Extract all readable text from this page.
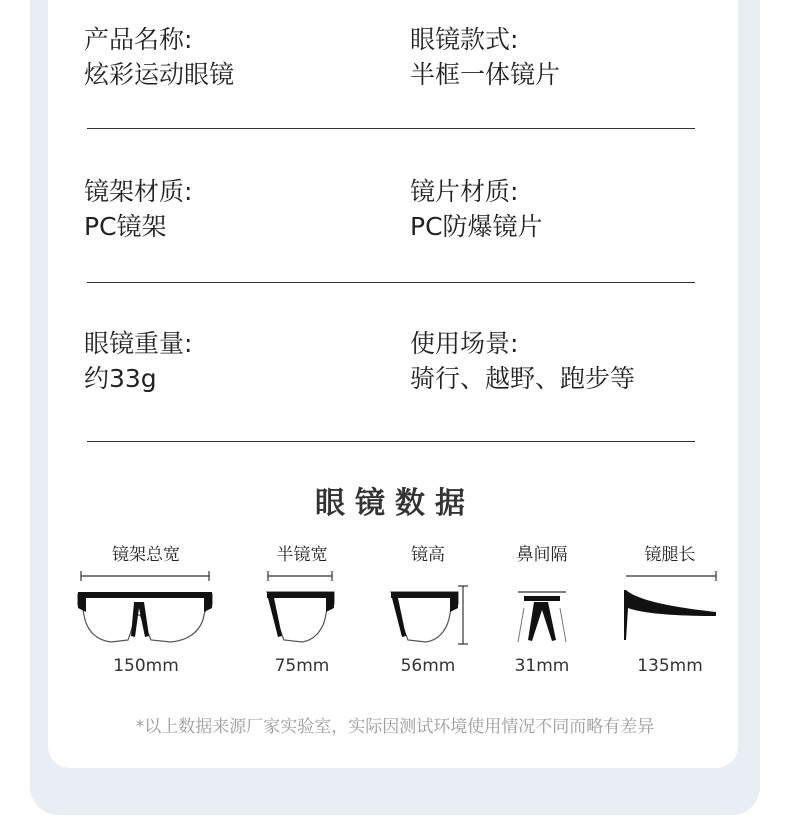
产品名称:
炫彩运动眼镜
眼镜款式:
半框一体镜片
镜架材质:
PC镜架
镜片材质:
PC防爆镜片
眼镜重量:
约33g
使用场景:
骑行、越野、跑步等
眼镜数据
镜架总宽
150mm
半镜宽
75mm
镜高
56mm
鼻间隔
31mm
镜腿长
135mm
*以上数据来源厂家实验室，实际因测试环境使用情况不同而略有差异
